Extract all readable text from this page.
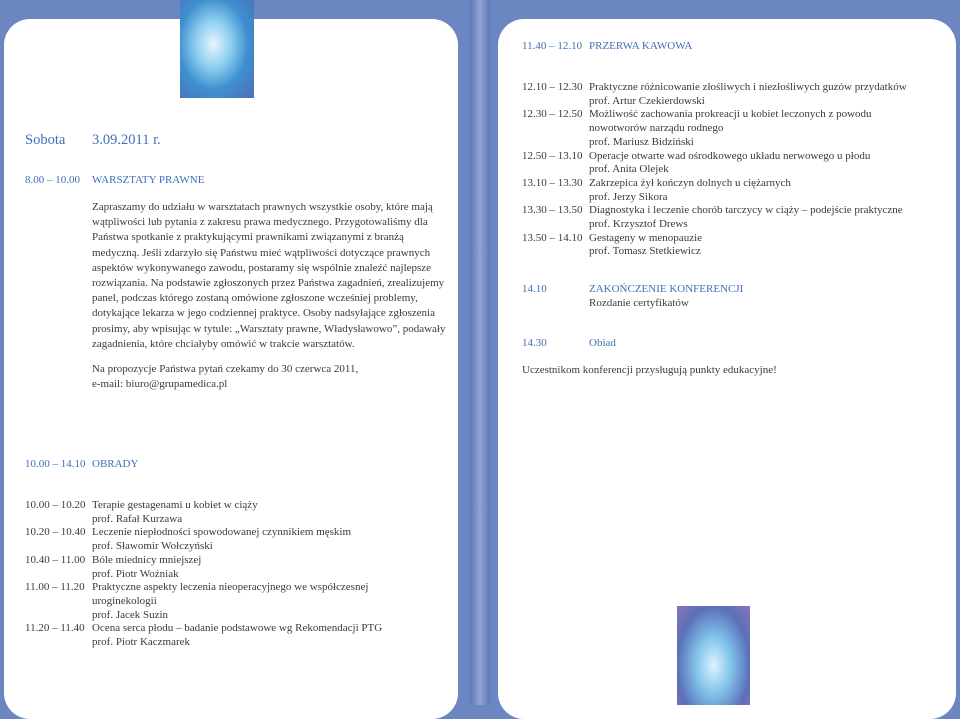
Sobota 3.09.2011 r.
8.00 – 10.00 WARSZTATY PRAWNE

Zapraszamy do udziału w warsztatach prawnych wszystkie osoby, które mają wątpliwości lub pytania z zakresu prawa medycznego. Przygotowaliśmy dla Państwa spotkanie z praktykującymi prawnikami związanymi z branżą medyczną. Jeśli zdarzyło się Państwu mieć wątpliwości dotyczące prawnych aspektów wykonywanego zawodu, postaramy się wspólnie znaleźć najlepsze rozwiązania. Na podstawie zgłoszonych przez Państwa zagadnień, zrealizujemy panel, podczas którego zostaną omówione zgłoszone wcześniej problemy, dotykające lekarza w jego codziennej praktyce. Osoby nadsyłające zgłoszenia prosimy, aby wpisując w tytule: „Warsztaty prawne, Władysławowo”, podawały zagadnienia, które chciałyby omówić w trakcie warsztatów.

Na propozycje Państwa pytań czekamy do 30 czerwca 2011,

e-mail: biuro@grupamedica.pl

10.00 – 14.10 OBRADY
10.00 – 10.20 Terapie gestagenami u kobiet w ciąży
prof. Rafał Kurzawa
10.20 – 10.40 Leczenie niepłodności spowodowanej czynnikiem męskim
prof. Sławomir Wołczyński
10.40 – 11.00 Bóle miednicy mniejszej
prof. Piotr Woźniak
11.00 – 11.20 Praktyczne aspekty leczenia nieoperacyjnego we współczesnej uroginekologii
prof. Jacek Suzin
11.20 – 11.40 Ocena serca płodu – badanie podstawowe wg Rekomendacji PTG
prof. Piotr Kaczmarek
11.40 – 12.10 PRZERWA KAWOWA
12.10 – 12.30 Praktyczne różnicowanie złośliwych i niezłośliwych guzów przydatków
prof. Artur Czekierdowski
12.30 – 12.50 Możliwość zachowania prokreacji u kobiet leczonych z powodu nowotworów narządu rodnego
prof. Mariusz Bidziński
12.50 – 13.10 Operacje otwarte wad ośrodkowego układu nerwowego u płodu
prof. Anita Olejek
13.10 – 13.30 Zakrzepica żył kończyn dolnych u ciężarnych
prof. Jerzy Sikora
13.30 – 13.50 Diagnostyka i leczenie chorób tarczycy w ciąży – podejście praktyczne
prof. Krzysztof Drews
13.50 – 14.10 Gestageny w menopauzie
prof. Tomasz Stetkiewicz
14.10	ZAKOŃCZENIE KONFERENCJI
Rozdanie certyfikatów
14.30	Obiad
Uczestnikom konferencji przysługują punkty edukacyjne!
